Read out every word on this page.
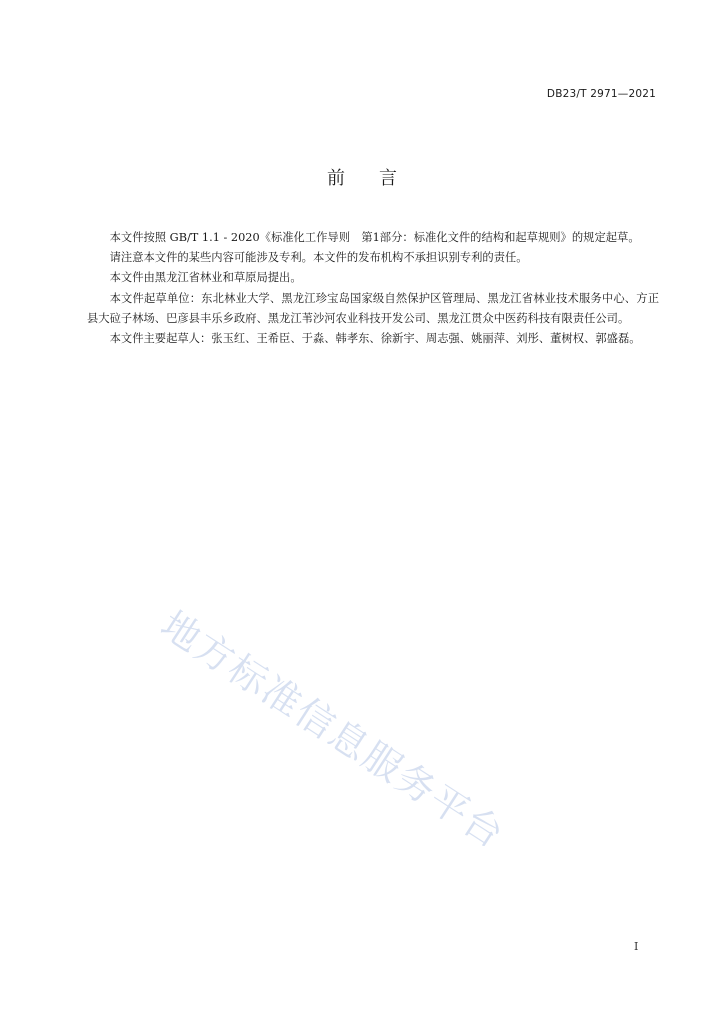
DB23/T 2971—2021
前言

本文件按照 GB/T 1.1 - 2020《标准化工作导则　第1部分：标准化文件的结构和起草规则》的规定起草。

请注意本文件的某些内容可能涉及专利。本文件的发布机构不承担识别专利的责任。

本文件由黑龙江省林业和草原局提出。

本文件起草单位：东北林业大学、黑龙江珍宝岛国家级自然保护区管理局、黑龙江省林业技术服务中心、方正县大砬子林场、巴彦县丰乐乡政府、黑龙江苇沙河农业科技开发公司、黑龙江贯众中医药科技有限责任公司。

本文件主要起草人：张玉红、王希臣、于淼、韩孝东、徐新宇、周志强、姚丽萍、刘彤、董树权、郭盛磊。

地方标准信息服务平台
I
